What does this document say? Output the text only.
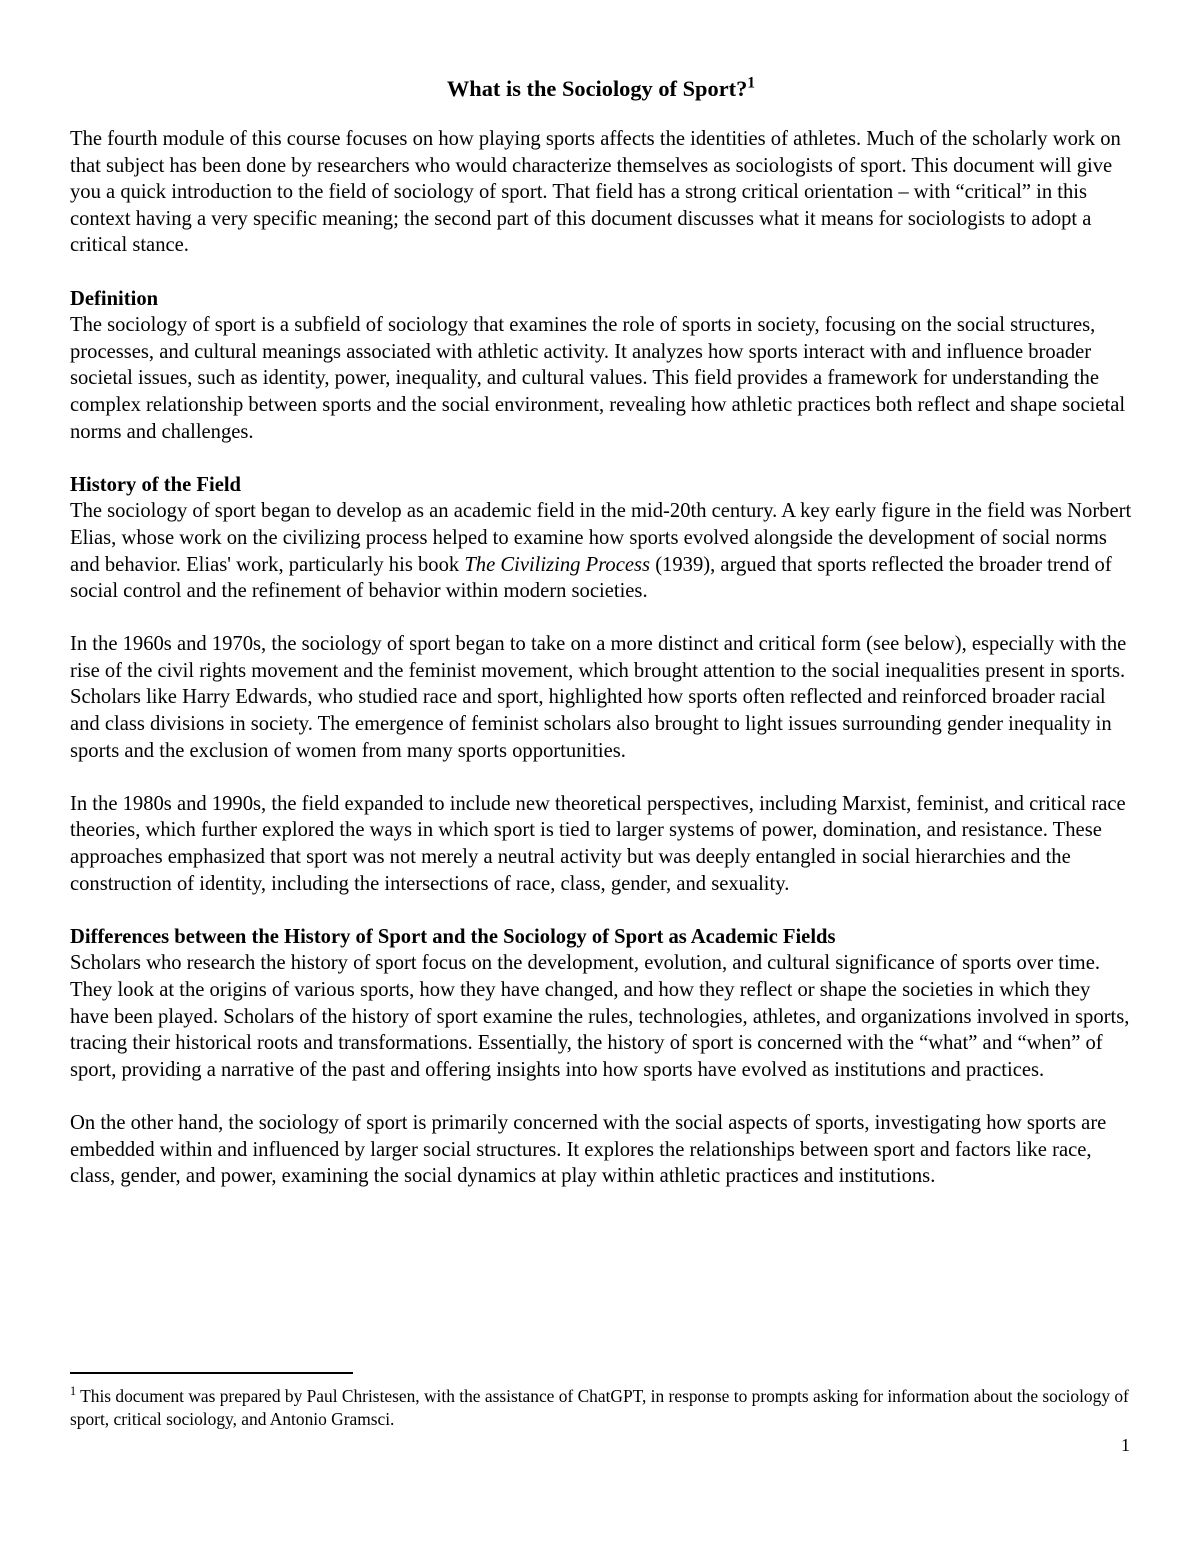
What is the Sociology of Sport?$^1$

The fourth module of this course focuses on how playing sports affects the identities of athletes. Much of the scholarly work on that subject has been done by researchers who would characterize themselves as sociologists of sport. This document will give you a quick introduction to the field of sociology of sport. That field has a strong critical orientation – with “critical” in this context having a very specific meaning; the second part of this document discusses what it means for sociologists to adopt a critical stance.

Definition
The sociology of sport is a subfield of sociology that examines the role of sports in society, focusing on the social structures, processes, and cultural meanings associated with athletic activity. It analyzes how sports interact with and influence broader societal issues, such as identity, power, inequality, and cultural values. This field provides a framework for understanding the complex relationship between sports and the social environment, revealing how athletic practices both reflect and shape societal norms and challenges.

History of the Field
The sociology of sport began to develop as an academic field in the mid-20th century. A key early figure in the field was Norbert Elias, whose work on the civilizing process helped to examine how sports evolved alongside the development of social norms and behavior. Elias' work, particularly his book The Civilizing Process (1939), argued that sports reflected the broader trend of social control and the refinement of behavior within modern societies.

In the 1960s and 1970s, the sociology of sport began to take on a more distinct and critical form (see below), especially with the rise of the civil rights movement and the feminist movement, which brought attention to the social inequalities present in sports. Scholars like Harry Edwards, who studied race and sport, highlighted how sports often reflected and reinforced broader racial and class divisions in society. The emergence of feminist scholars also brought to light issues surrounding gender inequality in sports and the exclusion of women from many sports opportunities.

In the 1980s and 1990s, the field expanded to include new theoretical perspectives, including Marxist, feminist, and critical race theories, which further explored the ways in which sport is tied to larger systems of power, domination, and resistance. These approaches emphasized that sport was not merely a neutral activity but was deeply entangled in social hierarchies and the construction of identity, including the intersections of race, class, gender, and sexuality.

Differences between the History of Sport and the Sociology of Sport as Academic Fields
Scholars who research the history of sport focus on the development, evolution, and cultural significance of sports over time. They look at the origins of various sports, how they have changed, and how they reflect or shape the societies in which they have been played. Scholars of the history of sport examine the rules, technologies, athletes, and organizations involved in sports, tracing their historical roots and transformations. Essentially, the history of sport is concerned with the “what” and “when” of sport, providing a narrative of the past and offering insights into how sports have evolved as institutions and practices.

On the other hand, the sociology of sport is primarily concerned with the social aspects of sports, investigating how sports are embedded within and influenced by larger social structures. It explores the relationships between sport and factors like race, class, gender, and power, examining the social dynamics at play within athletic practices and institutions.

$^1$ This document was prepared by Paul Christesen, with the assistance of ChatGPT, in response to prompts asking for information about the sociology of sport, critical sociology, and Antonio Gramsci.
1
